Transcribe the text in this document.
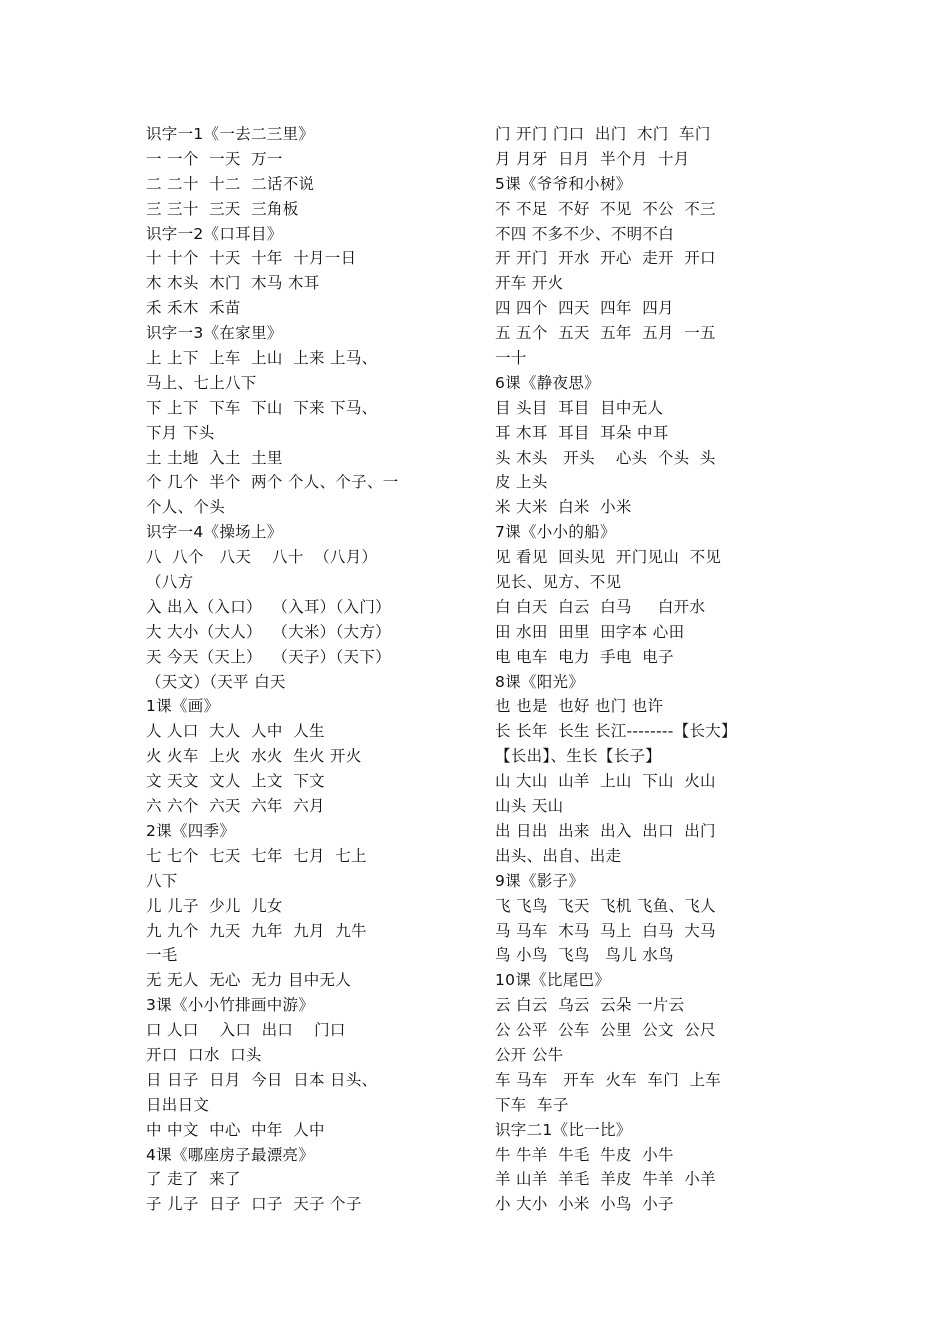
识字一1《一去二三里》
一 一个  一天  万一
二 二十  十二  二话不说
三 三十  三天  三角板
识字一2《口耳目》
十 十个  十天  十年  十月一日
木 木头  木门  木马 木耳
禾 禾木  禾苗
识字一3《在家里》
上 上下  上车  上山  上来 上马、
马上、七上八下
下 上下  下车  下山  下来 下马、
下月 下头
土 土地  入土  土里
个 几个  半个  两个 个人、个子、一
个人、个头
识字一4《操场上》
八  八个   八天    八十  （八月）
（八方
入 出入（入口）  （入耳）（入门）
大 大小（大人）  （大米）（大方）
天 今天（天上）  （天子）（天下）
（天文）（天平 白天
1课《画》
人 人口  大人  人中  人生
火 火车  上火  水火  生火 开火
文 天文  文人  上文  下文
六 六个  六天  六年  六月
2课《四季》
七 七个  七天  七年  七月  七上
八下
儿 儿子  少儿  儿女
九 九个  九天  九年  九月  九牛
一毛
无 无人  无心  无力 目中无人
3课《小小竹排画中游》
口 人口    入口  出口    门口
开口  口水  口头
日 日子  日月  今日  日本 日头、
日出日文
中 中文  中心  中年  人中
4课《哪座房子最漂亮》
了 走了  来了
子 儿子  日子  口子  天子 个子
门 开门 门口  出门  木门  车门
月 月牙  日月  半个月  十月
5课《爷爷和小树》
不 不足  不好  不见  不公  不三
不四 不多不少、不明不白
开 开门  开水  开心  走开  开口
开车 开火
四 四个  四天  四年  四月
五 五个  五天  五年  五月  一五
一十
6课《静夜思》
目 头目  耳目  目中无人
耳 木耳  耳目  耳朵 中耳
头 木头   开头    心头  个头  头
皮 上头
米 大米  白米  小米
7课《小小的船》
见 看见  回头见  开门见山  不见
见长、见方、不见
白 白天  白云  白马     白开水
田 水田  田里  田字本 心田
电 电车  电力  手电  电子
8课《阳光》
也 也是  也好 也门 也许
长 长年  长生 长江--------【长大】
【长出】、生长【长子】
山 大山  山羊  上山  下山  火山
山头 天山
出 日出  出来  出入  出口  出门
出头、出自、出走
9课《影子》
飞 飞鸟  飞天  飞机 飞鱼、飞人
马 马车  木马  马上  白马  大马
鸟 小鸟  飞鸟   鸟儿 水鸟
10课《比尾巴》
云 白云  乌云  云朵 一片云
公 公平  公车  公里  公文  公尺
公开 公牛
车 马车   开车  火车  车门  上车
下车  车子
识字二1《比一比》
牛 牛羊  牛毛  牛皮  小牛
羊 山羊  羊毛  羊皮  牛羊  小羊
小 大小  小米  小鸟  小子
